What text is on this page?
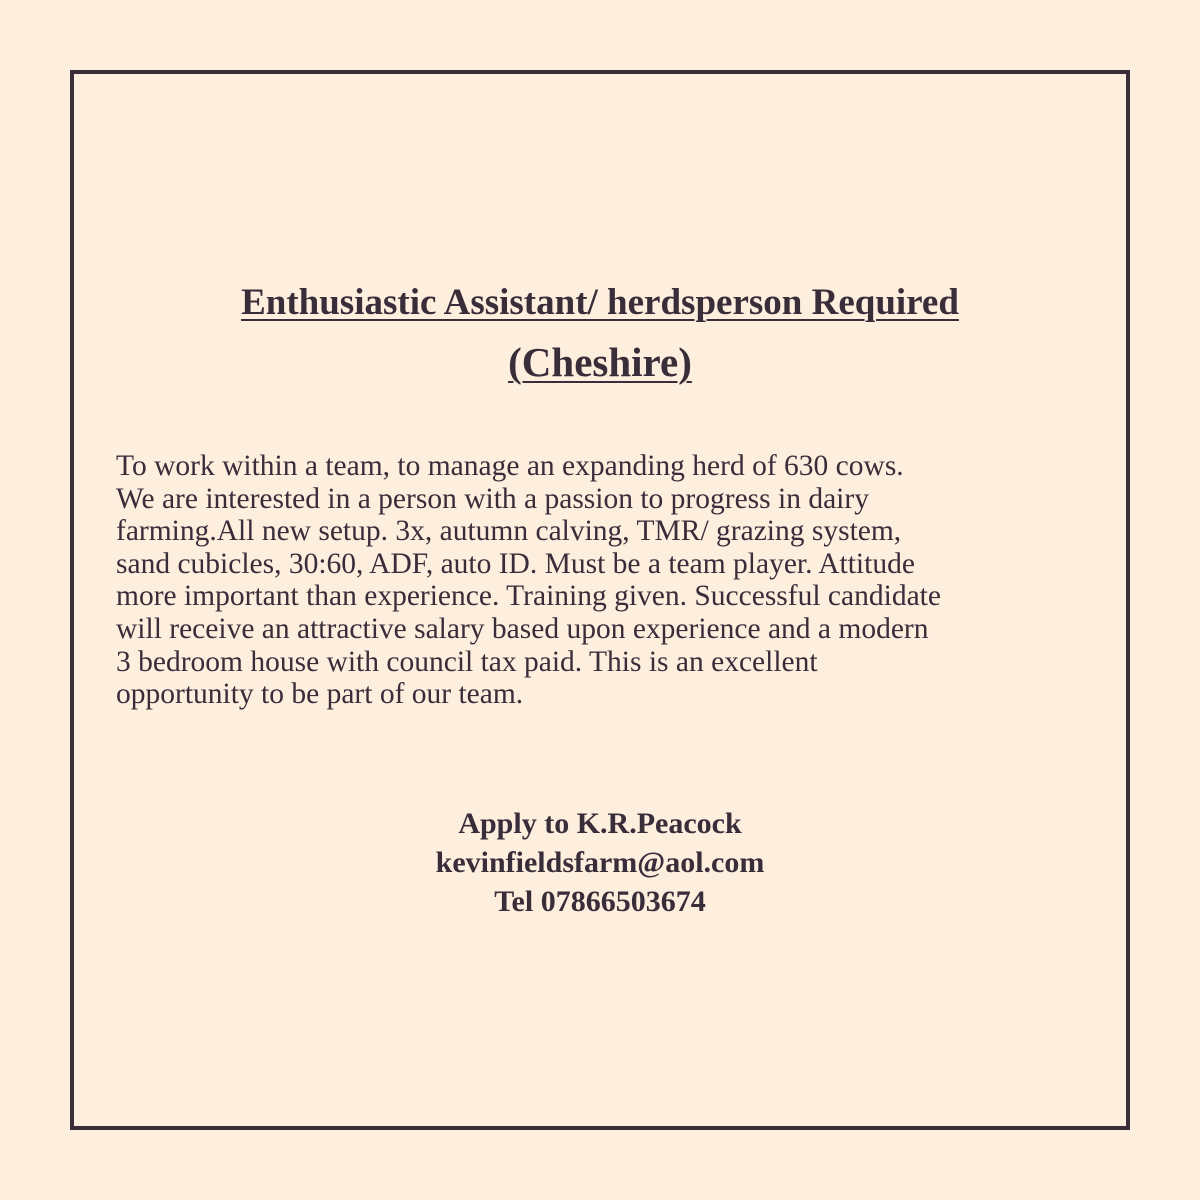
Enthusiastic Assistant/ herdsperson Required
(Cheshire)

To work within a team, to manage an expanding herd of 630 cows.
We are interested in a person with a passion to progress in dairy
farming.All new setup. 3x, autumn calving, TMR/ grazing system,
sand cubicles, 30:60, ADF, auto ID. Must be a team player. Attitude
more important than experience. Training given. Successful candidate
will receive an attractive salary based upon experience and a modern
3 bedroom house with council tax paid. This is an excellent
opportunity to be part of our team.

Apply to K.R.Peacock
kevinfieldsfarm@aol.com
Tel 07866503674
